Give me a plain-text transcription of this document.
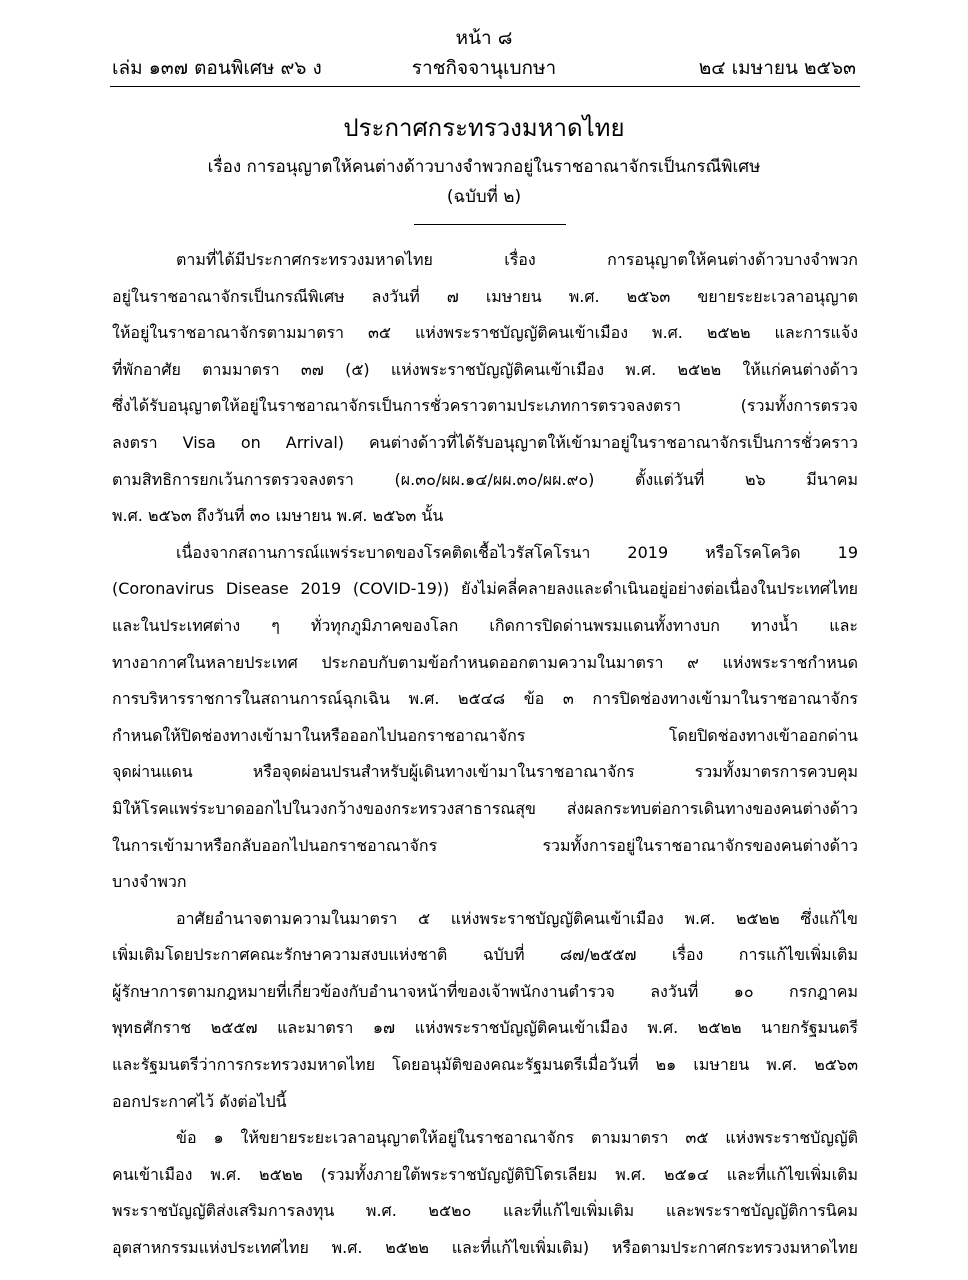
หน้า ๘
เล่ม ๑๓๗ ตอนพิเศษ ๙๖ ง	ราชกิจจานุเบกษา	๒๔ เมษายน ๒๕๖๓
ประกาศกระทรวงมหาดไทย
เรื่อง การอนุญาตให้คนต่างด้าวบางจำพวกอยู่ในราชอาณาจักรเป็นกรณีพิเศษ
(ฉบับที่ ๒)
ตามที่ได้มีประกาศกระทรวงมหาดไทย เรื่อง การอนุญาตให้คนต่างด้าวบางจำพวก
อยู่ในราชอาณาจักรเป็นกรณีพิเศษ ลงวันที่ ๗ เมษายน พ.ศ. ๒๕๖๓ ขยายระยะเวลาอนุญาต
ให้อยู่ในราชอาณาจักรตามมาตรา ๓๕ แห่งพระราชบัญญัติคนเข้าเมือง พ.ศ. ๒๕๒๒ และการแจ้ง
ที่พักอาศัย ตามมาตรา ๓๗ (๕) แห่งพระราชบัญญัติคนเข้าเมือง พ.ศ. ๒๕๒๒ ให้แก่คนต่างด้าว
ซึ่งได้รับอนุญาตให้อยู่ในราชอาณาจักรเป็นการชั่วคราวตามประเภทการตรวจลงตรา (รวมทั้งการตรวจ
ลงตรา Visa on Arrival) คนต่างด้าวที่ได้รับอนุญาตให้เข้ามาอยู่ในราชอาณาจักรเป็นการชั่วคราว
ตามสิทธิการยกเว้นการตรวจลงตรา (ผ.๓๐/ผผ.๑๔/ผผ.๓๐/ผผ.๙๐) ตั้งแต่วันที่ ๒๖ มีนาคม
พ.ศ. ๒๕๖๓ ถึงวันที่ ๓๐ เมษายน พ.ศ. ๒๕๖๓ นั้น
เนื่องจากสถานการณ์แพร่ระบาดของโรคติดเชื้อไวรัสโคโรนา 2019 หรือโรคโควิด 19
(Coronavirus Disease 2019 (COVID-19)) ยังไม่คลี่คลายลงและดำเนินอยู่อย่างต่อเนื่องในประเทศไทย
และในประเทศต่าง ๆ ทั่วทุกภูมิภาคของโลก เกิดการปิดด่านพรมแดนทั้งทางบก ทางน้ำ และ
ทางอากาศในหลายประเทศ ประกอบกับตามข้อกำหนดออกตามความในมาตรา ๙ แห่งพระราชกำหนด
การบริหารราชการในสถานการณ์ฉุกเฉิน พ.ศ. ๒๕๔๘ ข้อ ๓ การปิดช่องทางเข้ามาในราชอาณาจักร
กำหนดให้ปิดช่องทางเข้ามาในหรือออกไปนอกราชอาณาจักร โดยปิดช่องทางเข้าออกด่าน
จุดผ่านแดน หรือจุดผ่อนปรนสำหรับผู้เดินทางเข้ามาในราชอาณาจักร รวมทั้งมาตรการควบคุม
มิให้โรคแพร่ระบาดออกไปในวงกว้างของกระทรวงสาธารณสุข ส่งผลกระทบต่อการเดินทางของคนต่างด้าว
ในการเข้ามาหรือกลับออกไปนอกราชอาณาจักร รวมทั้งการอยู่ในราชอาณาจักรของคนต่างด้าว
บางจำพวก
อาศัยอำนาจตามความในมาตรา ๕ แห่งพระราชบัญญัติคนเข้าเมือง พ.ศ. ๒๕๒๒ ซึ่งแก้ไข
เพิ่มเติมโดยประกาศคณะรักษาความสงบแห่งชาติ ฉบับที่ ๘๗/๒๕๕๗ เรื่อง การแก้ไขเพิ่มเติม
ผู้รักษาการตามกฎหมายที่เกี่ยวข้องกับอำนาจหน้าที่ของเจ้าพนักงานตำรวจ ลงวันที่ ๑๐ กรกฎาคม
พุทธศักราช ๒๕๕๗ และมาตรา ๑๗ แห่งพระราชบัญญัติคนเข้าเมือง พ.ศ. ๒๕๒๒ นายกรัฐมนตรี
และรัฐมนตรีว่าการกระทรวงมหาดไทย โดยอนุมัติของคณะรัฐมนตรีเมื่อวันที่ ๒๑ เมษายน พ.ศ. ๒๕๖๓
ออกประกาศไว้ ดังต่อไปนี้
ข้อ ๑ ให้ขยายระยะเวลาอนุญาตให้อยู่ในราชอาณาจักร ตามมาตรา ๓๕ แห่งพระราชบัญญัติ
คนเข้าเมือง พ.ศ. ๒๕๒๒ (รวมทั้งภายใต้พระราชบัญญัติปิโตรเลียม พ.ศ. ๒๕๑๔ และที่แก้ไขเพิ่มเติม
พระราชบัญญัติส่งเสริมการลงทุน พ.ศ. ๒๕๒๐ และที่แก้ไขเพิ่มเติม และพระราชบัญญัติการนิคม
อุตสาหกรรมแห่งประเทศไทย พ.ศ. ๒๕๒๒ และที่แก้ไขเพิ่มเติม) หรือตามประกาศกระทรวงมหาดไทย
